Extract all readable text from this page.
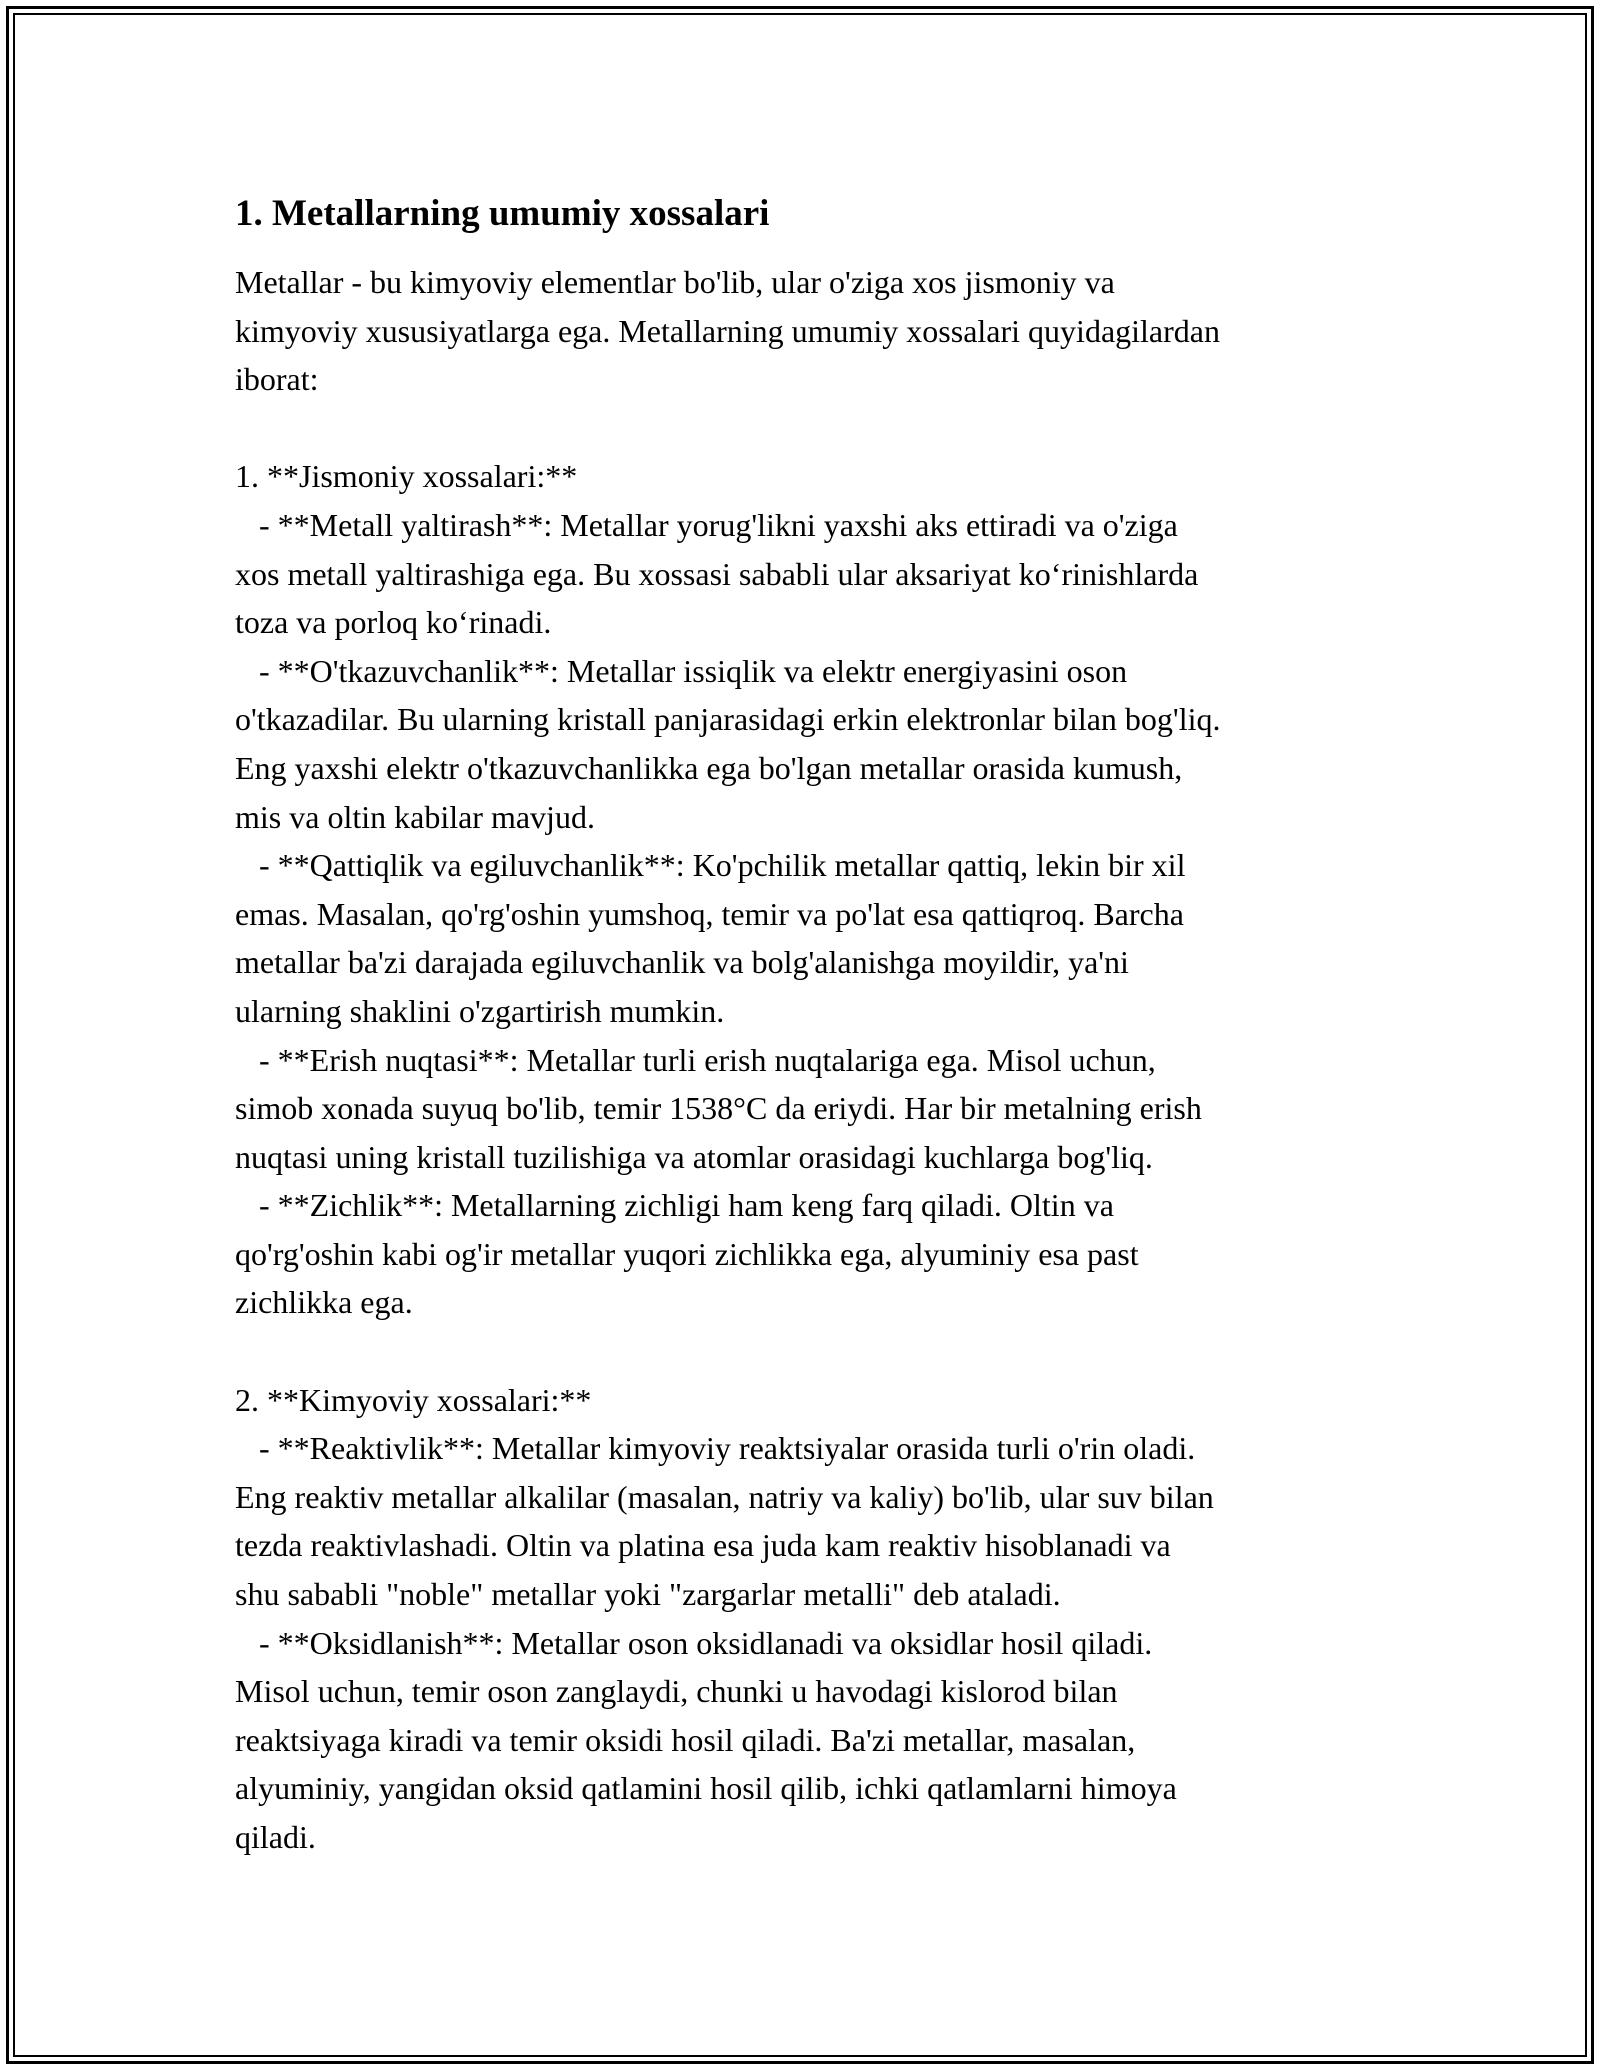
1. Metallarning umumiy xossalari
Metallar - bu kimyoviy elementlar bo'lib, ular o'ziga xos jismoniy va
kimyoviy xususiyatlarga ega. Metallarning umumiy xossalari quyidagilardan
iborat:

1. **Jismoniy xossalari:**
- **Metall yaltirash**: Metallar yorug'likni yaxshi aks ettiradi va o'ziga
xos metall yaltirashiga ega. Bu xossasi sababli ular aksariyat ko‘rinishlarda
toza va porloq ko‘rinadi.
- **O'tkazuvchanlik**: Metallar issiqlik va elektr energiyasini oson
o'tkazadilar. Bu ularning kristall panjarasidagi erkin elektronlar bilan bog'liq.
Eng yaxshi elektr o'tkazuvchanlikka ega bo'lgan metallar orasida kumush,
mis va oltin kabilar mavjud.
- **Qattiqlik va egiluvchanlik**: Ko'pchilik metallar qattiq, lekin bir xil
emas. Masalan, qo'rg'oshin yumshoq, temir va po'lat esa qattiqroq. Barcha
metallar ba'zi darajada egiluvchanlik va bolg'alanishga moyildir, ya'ni
ularning shaklini o'zgartirish mumkin.
- **Erish nuqtasi**: Metallar turli erish nuqtalariga ega. Misol uchun,
simob xonada suyuq bo'lib, temir 1538°C da eriydi. Har bir metalning erish
nuqtasi uning kristall tuzilishiga va atomlar orasidagi kuchlarga bog'liq.
- **Zichlik**: Metallarning zichligi ham keng farq qiladi. Oltin va
qo'rg'oshin kabi og'ir metallar yuqori zichlikka ega, alyuminiy esa past
zichlikka ega.

2. **Kimyoviy xossalari:**
- **Reaktivlik**: Metallar kimyoviy reaktsiyalar orasida turli o'rin oladi.
Eng reaktiv metallar alkalilar (masalan, natriy va kaliy) bo'lib, ular suv bilan
tezda reaktivlashadi. Oltin va platina esa juda kam reaktiv hisoblanadi va
shu sababli "noble" metallar yoki "zargarlar metalli" deb ataladi.
- **Oksidlanish**: Metallar oson oksidlanadi va oksidlar hosil qiladi.
Misol uchun, temir oson zanglaydi, chunki u havodagi kislorod bilan
reaktsiyaga kiradi va temir oksidi hosil qiladi. Ba'zi metallar, masalan,
alyuminiy, yangidan oksid qatlamini hosil qilib, ichki qatlamlarni himoya
qiladi.
